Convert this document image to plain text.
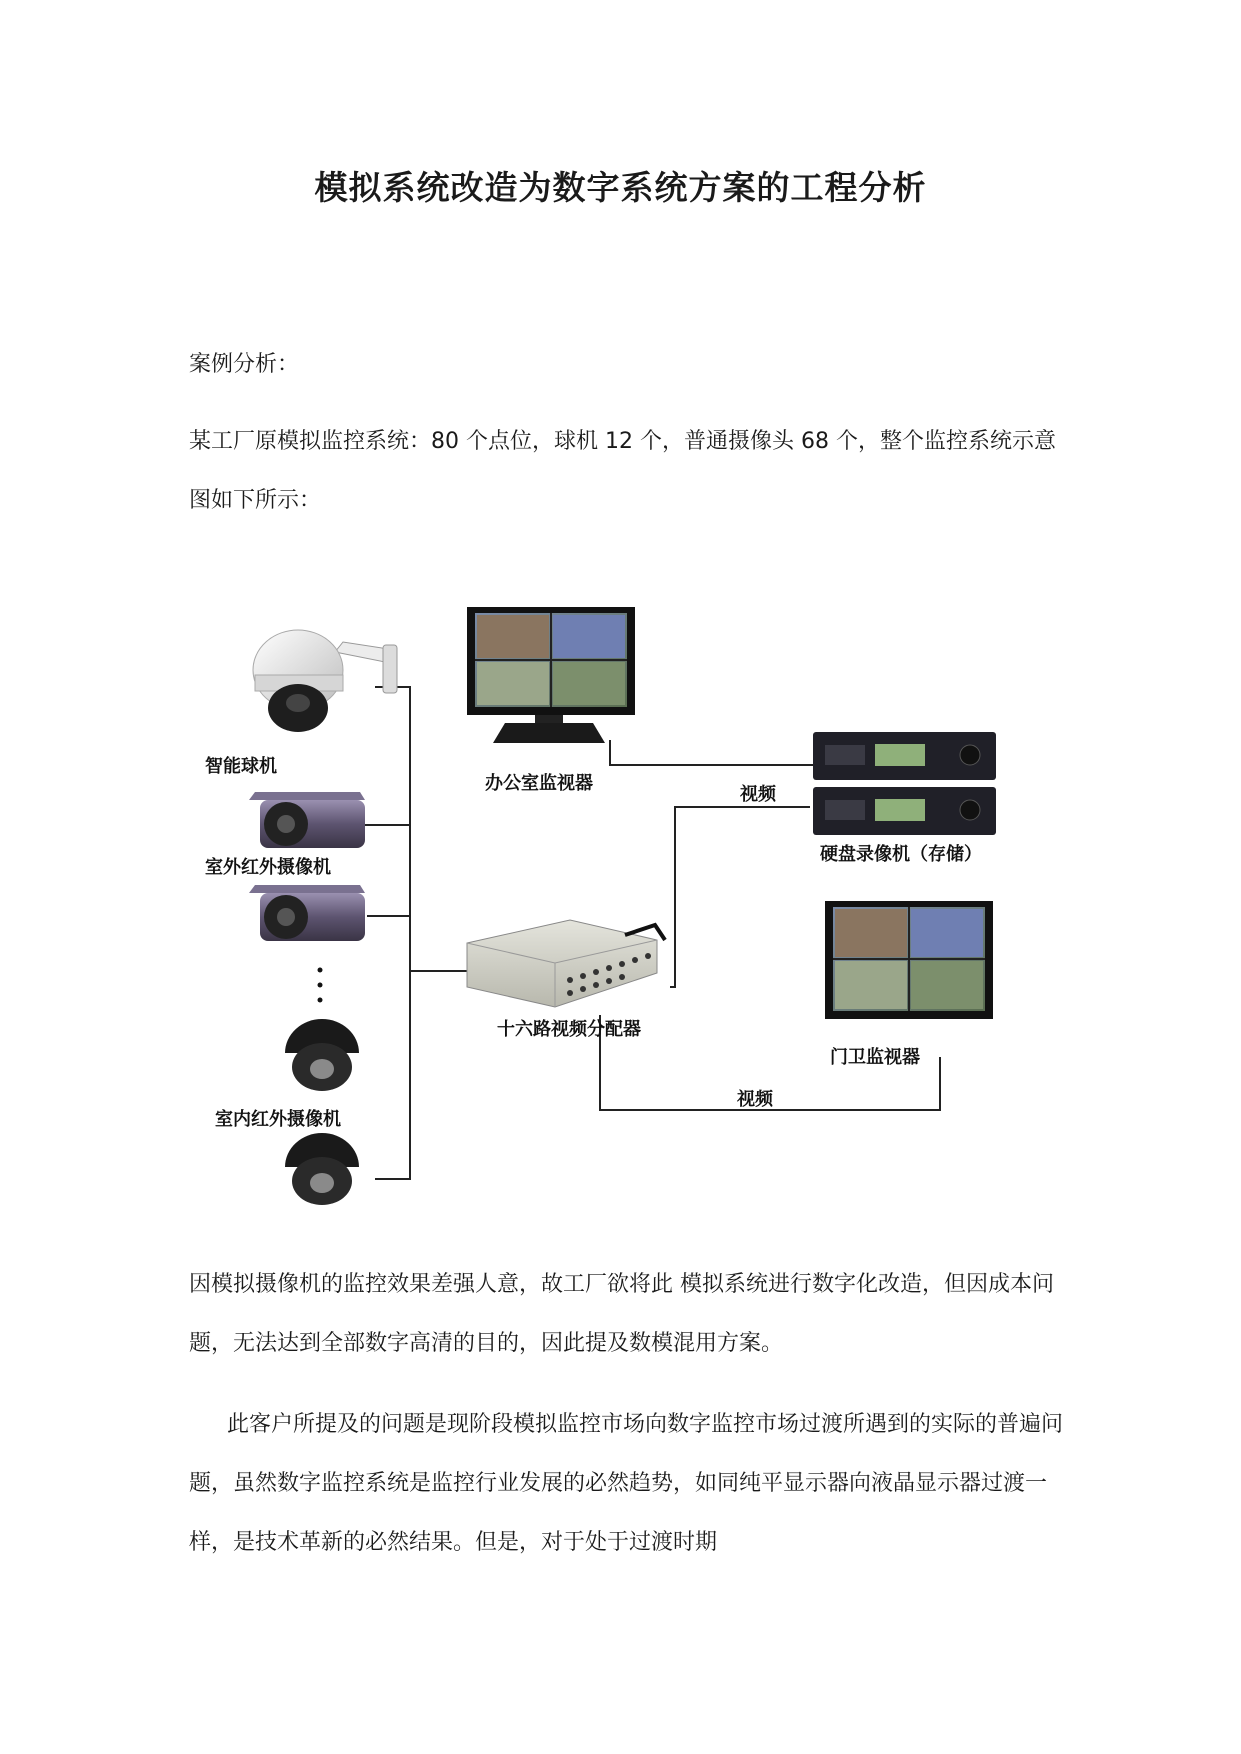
模拟系统改造为数字系统方案的工程分析

案例分析：

某工厂原模拟监控系统：80 个点位，球机 12 个，普通摄像头 68 个，整个监控系统示意图如下所示：

智能球机
室外红外摄像机
室内红外摄像机
办公室监视器
视频
硬盘录像机（存储）
十六路视频分配器
门卫监视器
视频

因模拟摄像机的监控效果差强人意，故工厂欲将此 模拟系统进行数字化改造，但因成本问题，无法达到全部数字高清的目的，因此提及数模混用方案。

此客户所提及的问题是现阶段模拟监控市场向数字监控市场过渡所遇到的实际的普遍问题，虽然数字监控系统是监控行业发展的必然趋势，如同纯平显示器向液晶显示器过渡一样，是技术革新的必然结果。但是，对于处于过渡时期
